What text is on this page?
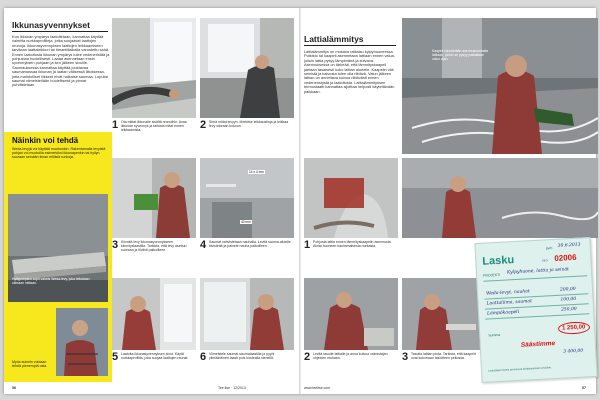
Ikkunasyvennykset
Kun ikkunan ympärys laatoitetaan, kannattaa käyttää valmiita nurkkaprofiileja, jotka suojaavat laattojen reunoja. Ikkunasyvennyksen laattojen leikkaamiseen tarvitaan laattaleikkuri tai timanttilaikalla varustettu sahä. Ennen laatoitusta ikkunan ympärys tulee vedeneristää ja pohjustaa huolellisesti. Laatat asennetaan ensin syvennyksen pohjaan ja sen jälkeen sivuille. Saumauksessa kannattaa käyttää joustavaa saumamassaa ikkunan ja laatan välisessä liitoksessa, jotta mahdolliset liikkeet eivät halkaise saumaa. Lopuksi saumat viimeistellään huolellisesti ja pinnat puhdistetaan.
Näinkin voi tehdä
Weda-levyjä voi käyttää muuhunkin. Rakentamalla levyistä pohjan voi muotoilla esimerkiksi ikkunapenkin tai hyllyn suoraan seinään ilman erillisiä runkoja.
Hyllypohjaksi sopii valmis Weda-levy, joka leikataan oikeaan mittaan.
Myös kulmiin voidaan tehdä pienempiä osia.
1 Ota mittat ikkunalle sisältä reunoihin. Avaa ikkunan syvennys ja tarkista mitat ennen leikkaamista.	2 Siirrä mittat levyyn. Merkitse leikkauslinja ja leikkaa levy oikeaan kokoon.
14 x 4 mm
40 mm
3 Kiinnitä levy ikkunasyvennykseen kiinnityslaastilla. Tarkista, että levy asettuu suoraan ja tiiviisti paikoilleen.	4 Saumat vahvistetaan nauhalla. Levitä sauma-alueille tiivistettä ja painele nauha paikoilleen.
5 Laatoita ikkunasyvennyksen sivut. Käytä nurkkaprofiilia, joka suojaa laattojen reunat.	6 Viimeistele saumat saumalaastilla ja pyyhi ylimääräinen laasti pois kostealla sienellä.
56	Tee itse · 12/2013
Lattialämmitys
Lattialämmitys on mukava ratkaisu kylpyhuoneessa. Putkisto tai kaapeli asennetaan lattiaan ennen valua, jolloin lattia pysyy lämpimänä ja kuivana. Asennuksessa on tärkeää, että lämmityskaapeli jaetaan tasaisesti koko lattian alueelle. Kaapelin väli seinistä ja kaivosta tulee olla riittävä. Valun jälkeen lattian on annettava kuivua riittävästi ennen vedeneristystä ja laatoitusta. Lattialämmityksen termostaatti kannattaa sijoittaa helposti käytettävään paikkaan.
Kaapeli kiinnitetään asennusnauhalla lattiaan, jolloin se pysyy paikallaan valun ajan.
1 Pohjusta lattia ennen lämmityskaapelin asennusta. Aloita huoneen kauimmaisesta nurkasta.
2 Levitä tasoite lattialle ja anna kuivua valmistajan ohjeiden mukaan.	3 Tasoita lattian pinta. Tarkista, että kaapelit ovat kokonaan tasoitteen peitossa.
www.teeitse.com	57
pvm 30.6.2013
Lasku	nro 02006
PROJEKTI Kylpyhuone, lattia ja seinät
Weda-levyt, nauhat	200,00
Laattaliima, saumat	100,00
Lämpökaapeli
250,00
Summa
1 250,00
Säästimme
3 400,00
Laatoittajan hinnat perustuvat keskimääräisiin arvioihin.
